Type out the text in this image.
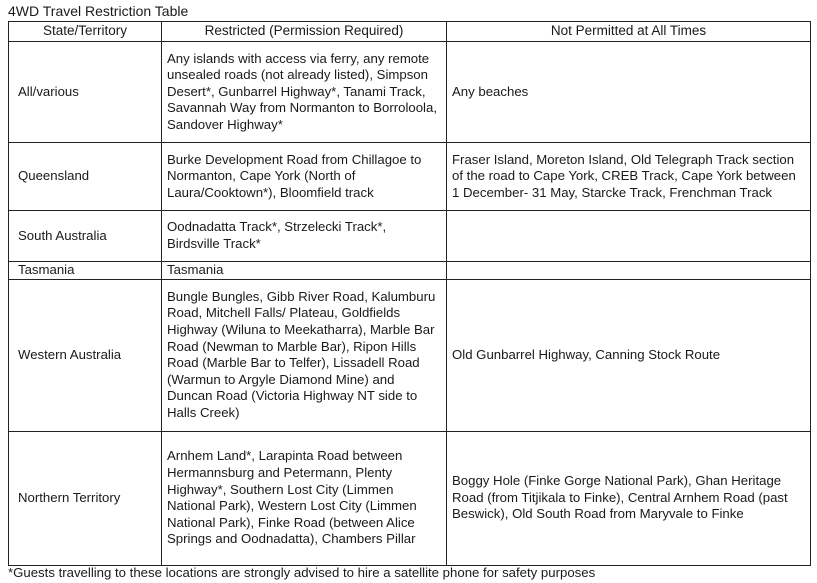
4WD Travel Restriction Table
State/Territory	Restricted (Permission Required)	Not Permitted at All Times
All/various	Any islands with access via ferry, any remote unsealed roads (not already listed), Simpson Desert*, Gunbarrel Highway*, Tanami Track, Savannah Way from Normanton to Borroloola, Sandover Highway*	Any beaches
Queensland	Burke Development Road from Chillagoe to Normanton, Cape York (North of Laura/Cooktown*), Bloomfield track	Fraser Island, Moreton Island, Old Telegraph Track section of the road to Cape York, CREB Track, Cape York between 1 December- 31 May, Starcke Track, Frenchman Track
South Australia	Oodnadatta Track*, Strzelecki Track*, Birdsville Track*	
Tasmania	Tasmania	
Western Australia	Bungle Bungles, Gibb River Road, Kalumburu Road, Mitchell Falls/ Plateau, Goldfields Highway (Wiluna to Meekatharra), Marble Bar Road (Newman to Marble Bar), Ripon Hills Road (Marble Bar to Telfer), Lissadell Road (Warmun to Argyle Diamond Mine) and Duncan Road (Victoria Highway NT side to Halls Creek)	Old Gunbarrel Highway, Canning Stock Route
Northern Territory	Arnhem Land*, Larapinta Road between Hermannsburg and Petermann, Plenty Highway*, Southern Lost City (Limmen National Park), Western Lost City (Limmen National Park), Finke Road (between Alice Springs and Oodnadatta), Chambers Pillar	Boggy Hole (Finke Gorge National Park), Ghan Heritage Road (from Titjikala to Finke), Central Arnhem Road (past Beswick), Old South Road from Maryvale to Finke
*Guests travelling to these locations are strongly advised to hire a satellite phone for safety purposes
